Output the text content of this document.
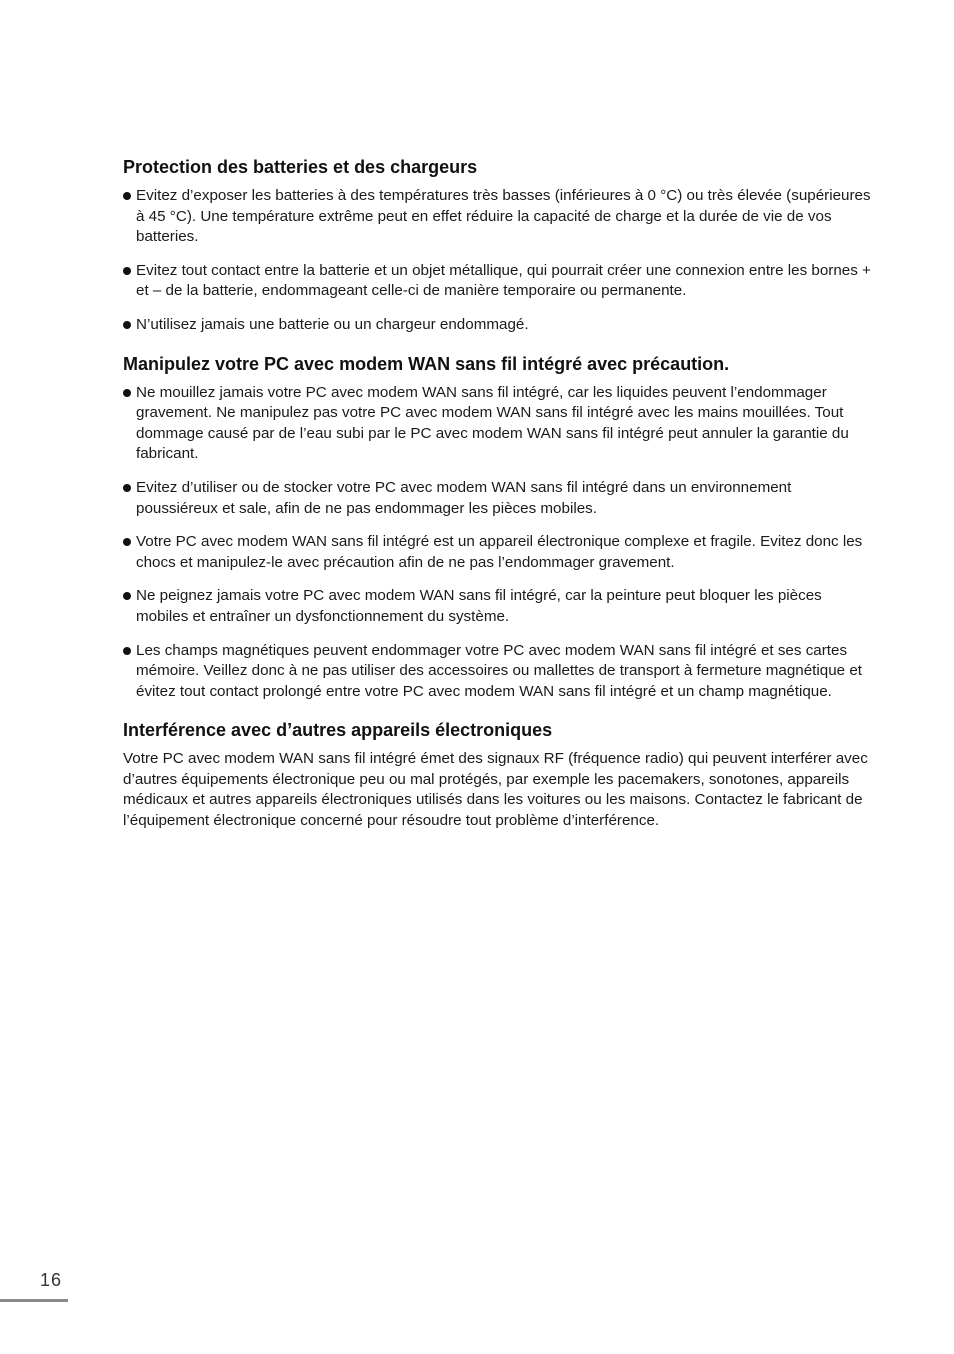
Protection des batteries et des chargeurs
Evitez d’exposer les batteries à des températures très basses (inférieures à 0 °C) ou très élevée (supérieures à 45 °C). Une température extrême peut en effet réduire la capacité de charge et la durée de vie de vos batteries.
Evitez tout contact entre la batterie et un objet métallique, qui pourrait créer une connexion entre les bornes + et – de la batterie, endommageant celle-ci de manière temporaire ou permanente.
N’utilisez jamais une batterie ou un chargeur endommagé.
Manipulez votre PC avec modem WAN sans fil intégré avec précaution.
Ne mouillez jamais votre PC avec modem WAN sans fil intégré, car les liquides peuvent l’endommager gravement. Ne manipulez pas votre PC avec modem WAN sans fil intégré avec les mains mouillées. Tout dommage causé par de l’eau subi par le PC avec modem WAN sans fil intégré peut annuler la garantie du fabricant.
Evitez d’utiliser ou de stocker votre PC avec modem WAN sans fil intégré dans un environnement poussiéreux et sale, afin de ne pas endommager les pièces mobiles.
Votre PC avec modem WAN sans fil intégré est un appareil électronique complexe et fragile. Evitez donc les chocs et manipulez-le avec précaution afin de ne pas l’endommager gravement.
Ne peignez jamais votre PC avec modem WAN sans fil intégré, car la peinture peut bloquer les pièces mobiles et entraîner un dysfonctionnement du système.
Les champs magnétiques peuvent endommager votre PC avec modem WAN sans fil intégré et ses cartes mémoire. Veillez donc à ne pas utiliser des accessoires ou mallettes de transport à fermeture magnétique et évitez tout contact prolongé entre votre PC avec modem WAN sans fil intégré et un champ magnétique.
Interférence avec d’autres appareils électroniques

Votre PC avec modem WAN sans fil intégré émet des signaux RF (fréquence radio) qui peuvent interférer avec d’autres équipements électronique peu ou mal protégés, par exemple les pacemakers, sonotones, appareils médicaux et autres appareils électroniques utilisés dans les voitures ou les maisons. Contactez le fabricant de l’équipement électronique concerné pour résoudre tout problème d’interférence.

16
